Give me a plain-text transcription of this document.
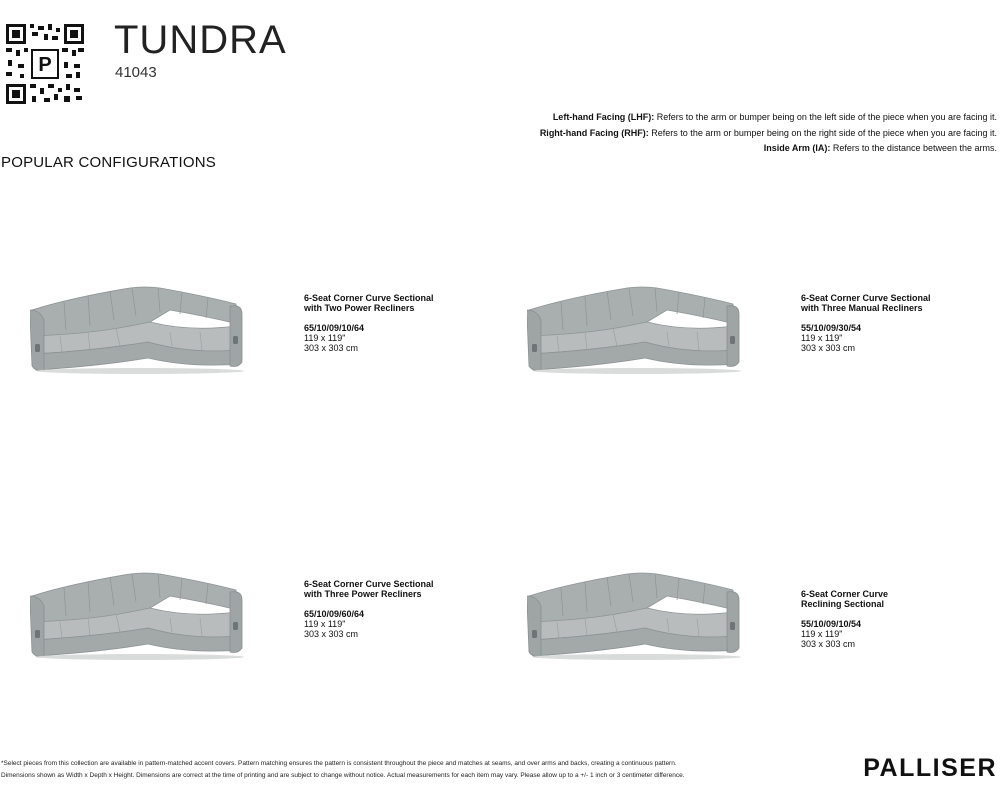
P
TUNDRA
41043
Left-hand Facing (LHF): Refers to the arm or bumper being on the left side of the piece when you are facing it.
Right-hand Facing (RHF): Refers to the arm or bumper being on the right side of the piece when you are facing it.
Inside Arm (IA): Refers to the distance between the arms.
POPULAR CONFIGURATIONS
6-Seat Corner Curve Sectional with Two Power Recliners
65/10/09/10/64
119 x 119"
303 x 303 cm
6-Seat Corner Curve Sectional with Three Manual Recliners
55/10/09/30/54
119 x 119"
303 x 303 cm
6-Seat Corner Curve Sectional with Three Power Recliners
65/10/09/60/64
119 x 119"
303 x 303 cm
6-Seat Corner Curve Reclining Sectional
55/10/09/10/54
119 x 119"
303 x 303 cm
*Select pieces from this collection are available in pattern-matched accent covers. Pattern matching ensures the pattern is consistent throughout the piece and matches at seams, and over arms and backs, creating a continuous pattern.
Dimensions shown as Width x Depth x Height. Dimensions are correct at the time of printing and are subject to change without notice. Actual measurements for each item may vary. Please allow up to a +/- 1 inch or 3 centimeter difference.	PALLISER
